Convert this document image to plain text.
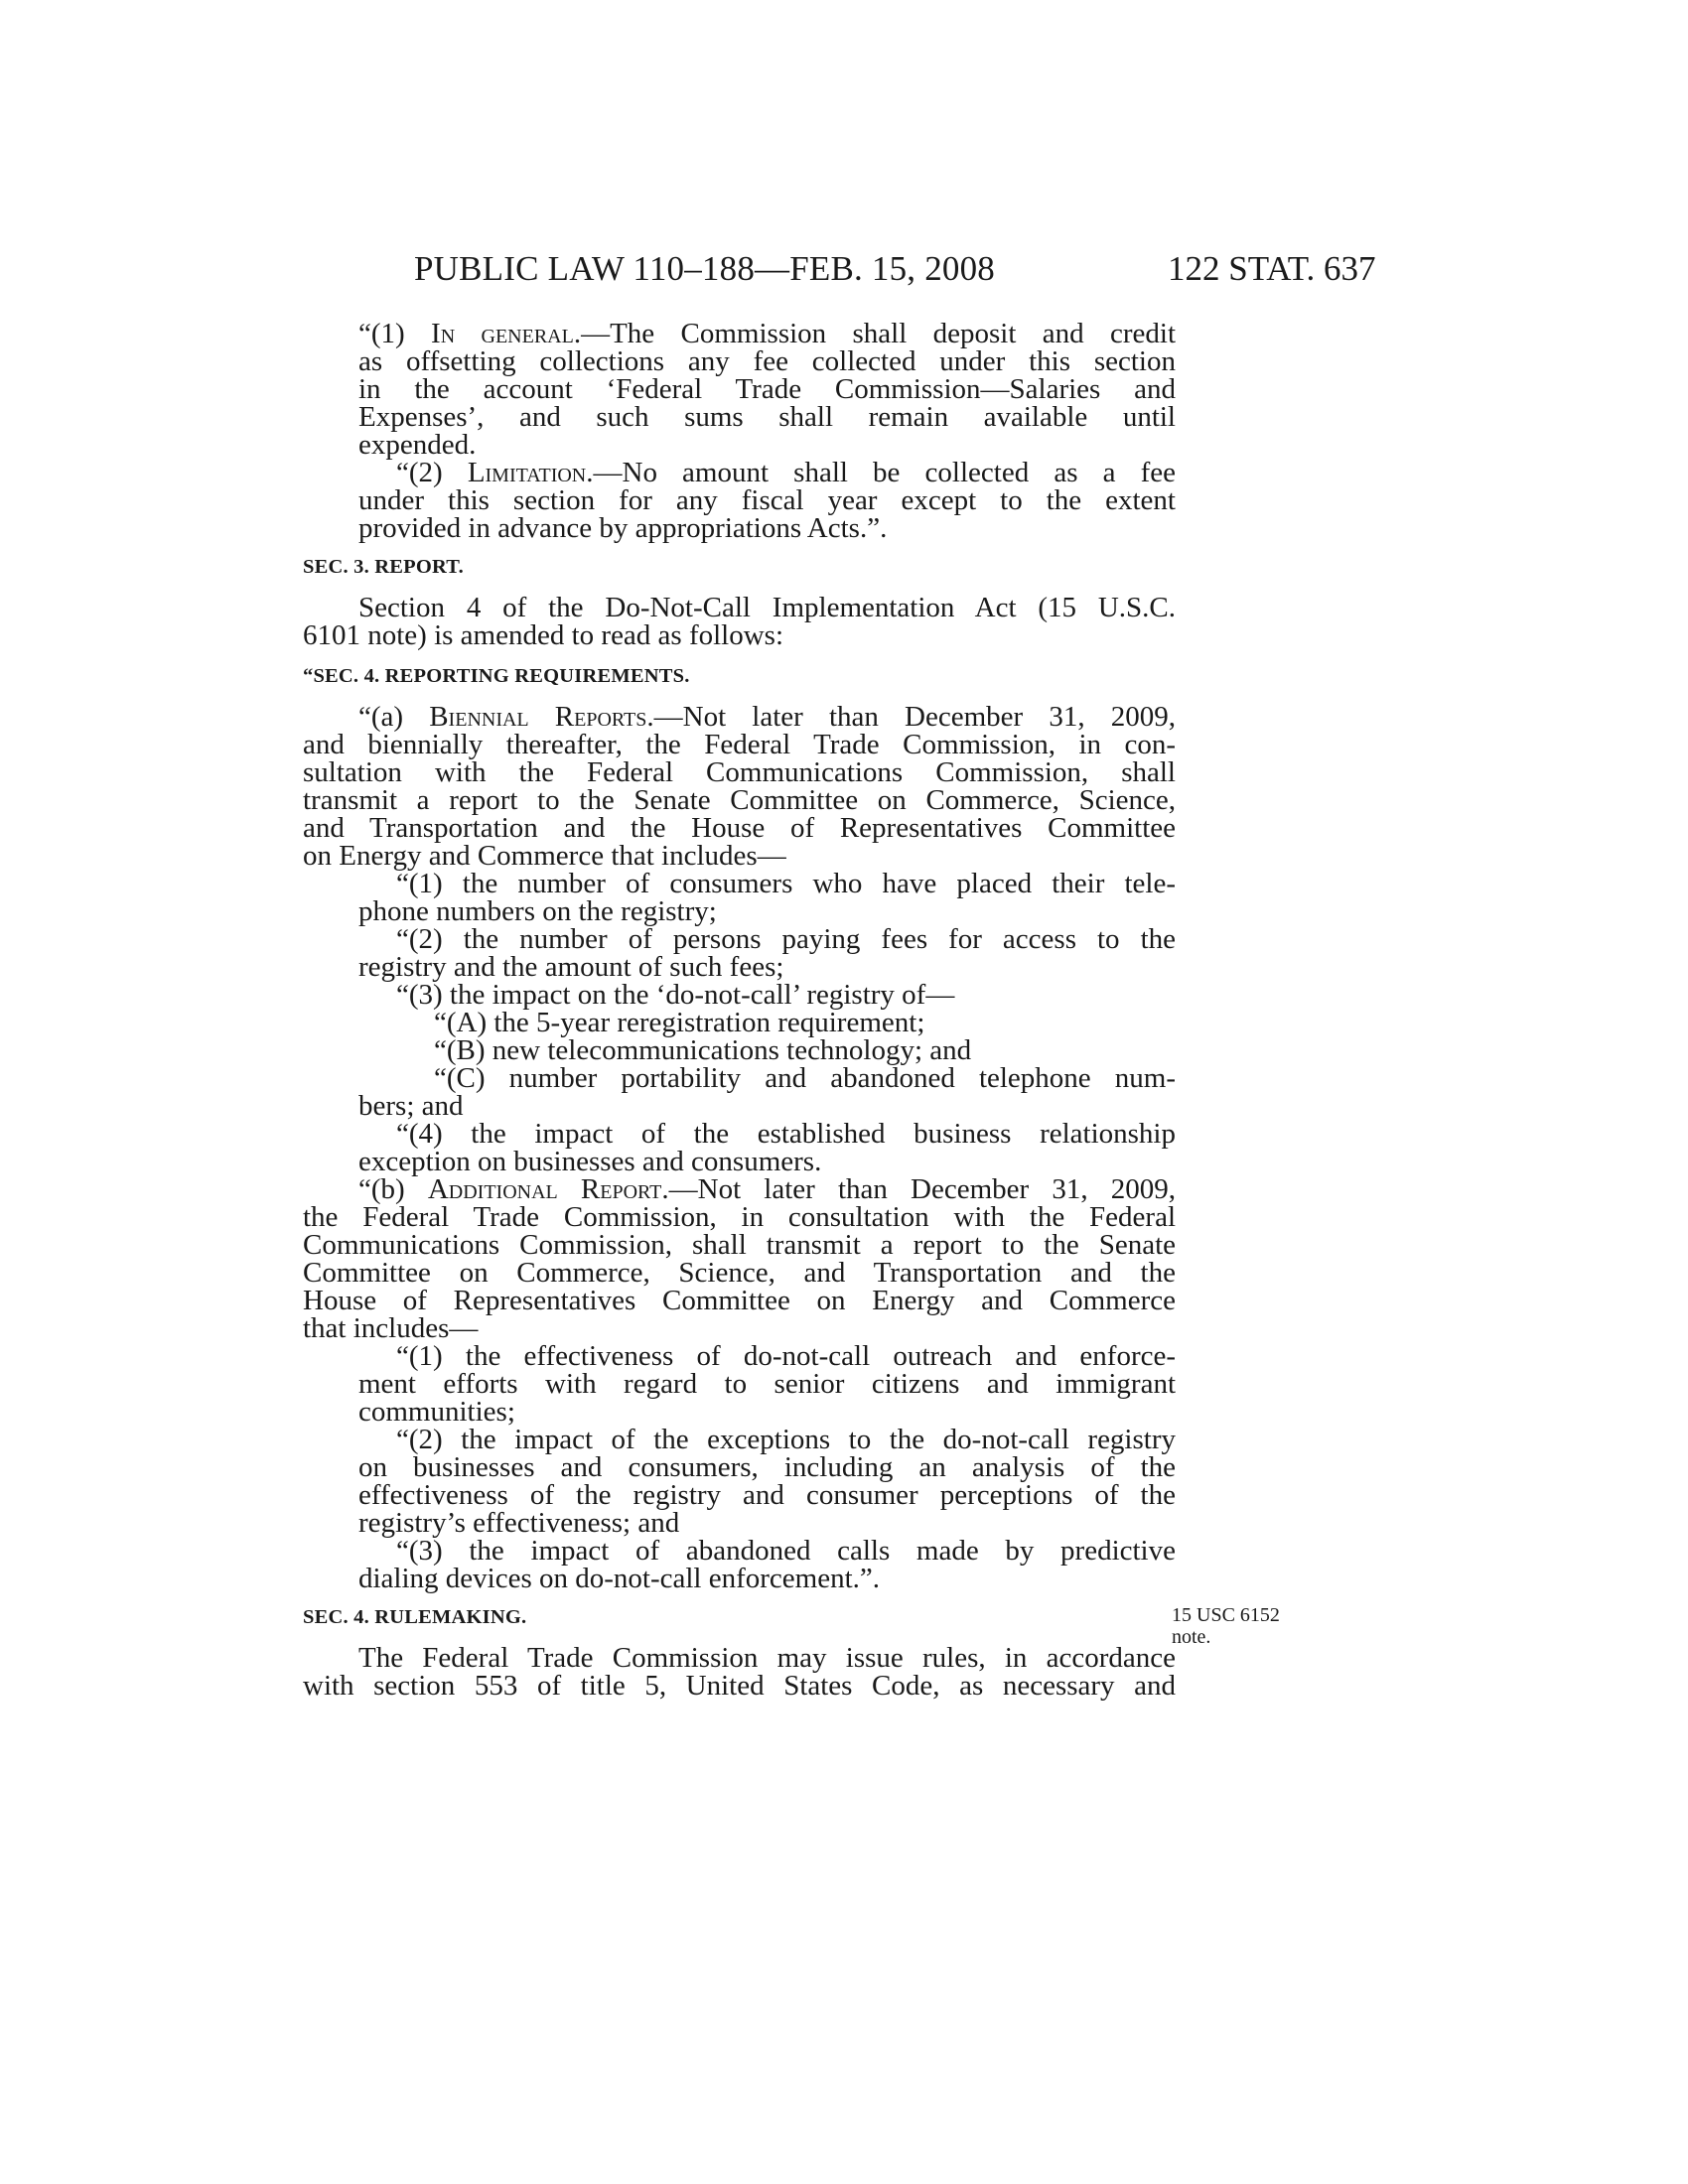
PUBLIC LAW 110–188—FEB. 15, 2008	122 STAT. 637
“(1) In general.—The Commission shall deposit and credit
as offsetting collections any fee collected under this section
in the account ‘Federal Trade Commission—Salaries and
Expenses’, and such sums shall remain available until
expended.
“(2) Limitation.—No amount shall be collected as a fee
under this section for any fiscal year except to the extent
provided in advance by appropriations Acts.”.
SEC. 3. REPORT.
Section 4 of the Do-Not-Call Implementation Act (15 U.S.C.
6101 note) is amended to read as follows:
“SEC. 4. REPORTING REQUIREMENTS.
“(a) Biennial Reports.—Not later than December 31, 2009,
and biennially thereafter, the Federal Trade Commission, in con-
sultation with the Federal Communications Commission, shall
transmit a report to the Senate Committee on Commerce, Science,
and Transportation and the House of Representatives Committee
on Energy and Commerce that includes—
“(1) the number of consumers who have placed their tele-
phone numbers on the registry;
“(2) the number of persons paying fees for access to the
registry and the amount of such fees;
“(3) the impact on the ‘do-not-call’ registry of—
“(A) the 5-year reregistration requirement;
“(B) new telecommunications technology; and
“(C) number portability and abandoned telephone num-
bers; and
“(4) the impact of the established business relationship
exception on businesses and consumers.
“(b) Additional Report.—Not later than December 31, 2009,
the Federal Trade Commission, in consultation with the Federal
Communications Commission, shall transmit a report to the Senate
Committee on Commerce, Science, and Transportation and the
House of Representatives Committee on Energy and Commerce
that includes—
“(1) the effectiveness of do-not-call outreach and enforce-
ment efforts with regard to senior citizens and immigrant
communities;
“(2) the impact of the exceptions to the do-not-call registry
on businesses and consumers, including an analysis of the
effectiveness of the registry and consumer perceptions of the
registry’s effectiveness; and
“(3) the impact of abandoned calls made by predictive
dialing devices on do-not-call enforcement.”.
SEC. 4. RULEMAKING.
The Federal Trade Commission may issue rules, in accordance
with section 553 of title 5, United States Code, as necessary and
15 USC 6152
note.
